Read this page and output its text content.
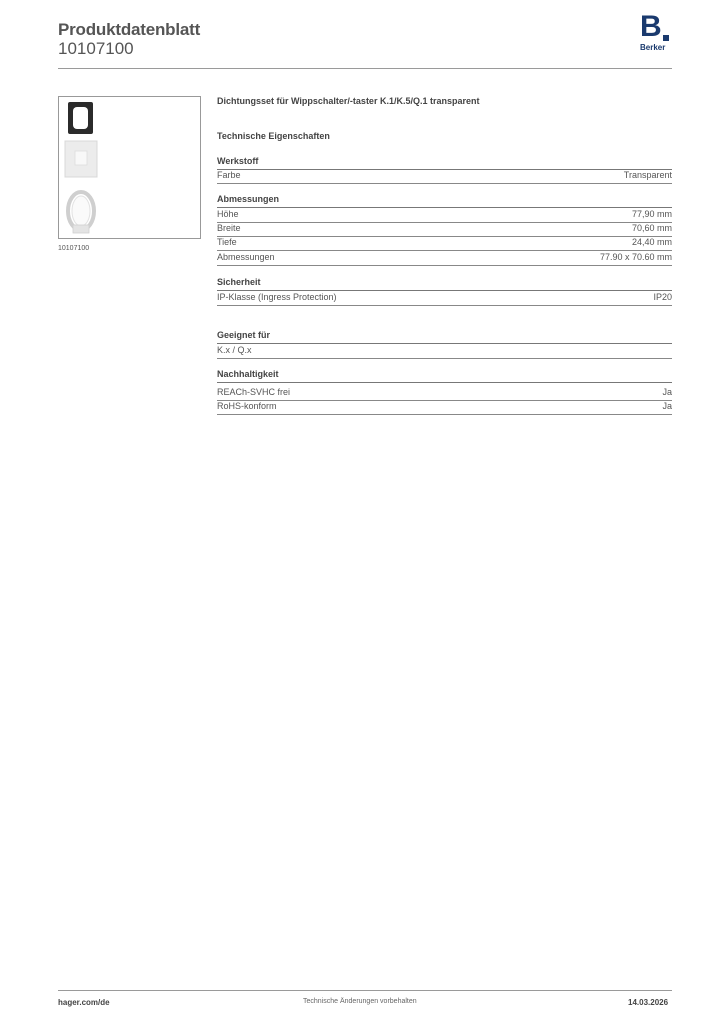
Produktdatenblatt
10107100
B
Berker
10107100
Dichtungsset für Wippschalter/-taster K.1/K.5/Q.1 transparent
Technische Eigenschaften
Werkstoff
Farbe	Transparent
Abmessungen
Höhe	77,90 mm
Breite	70,60 mm
Tiefe	24,40 mm
Abmessungen	77.90 x 70.60 mm
Sicherheit
IP-Klasse (Ingress Protection)	IP20
Geeignet für
K.x / Q.x
Nachhaltigkeit
REACh-SVHC frei	Ja
RoHS-konform	Ja
hager.com/de	Technische Änderungen vorbehalten	14.03.2026
